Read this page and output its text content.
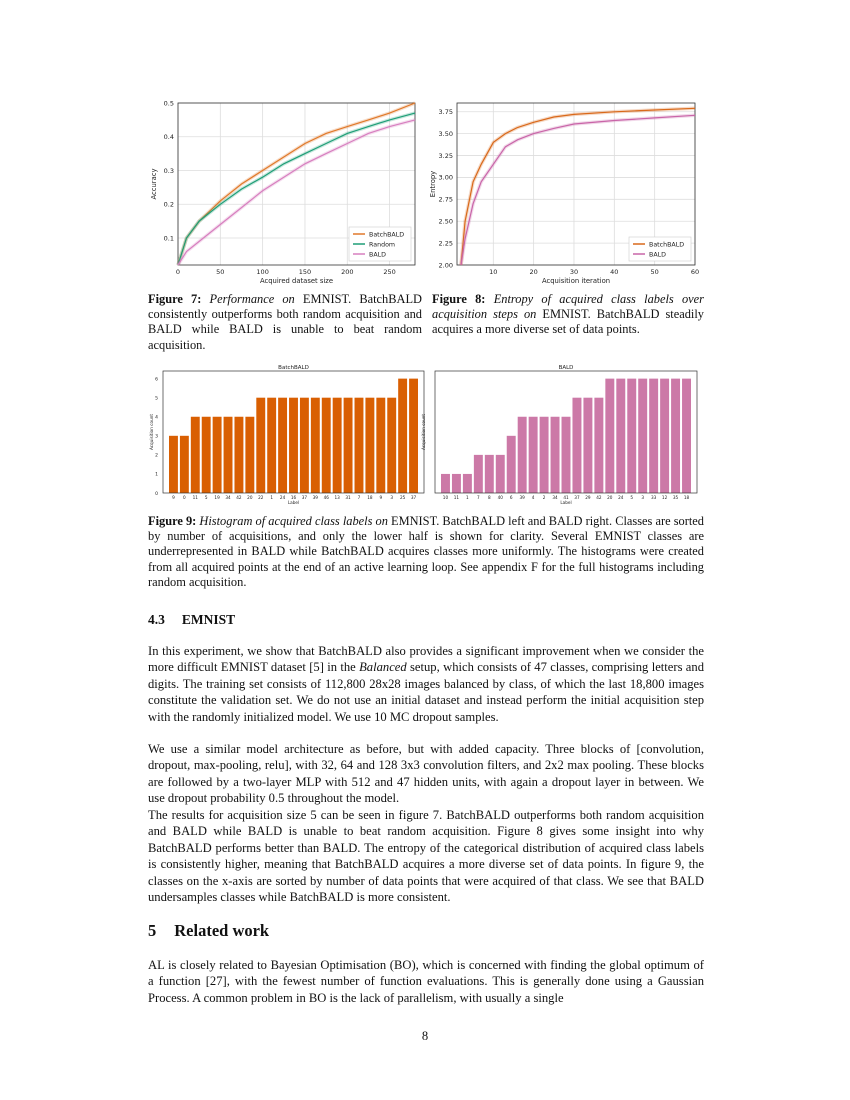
0	50	100	150	200	250
0.1
0.2
0.3
0.4
0.5
Acquired dataset size
Accuracy
BatchBALD
Random
BALD
10	20	30	40	50	60
2.00
2.25
2.50
2.75
3.00
3.25
3.50
3.75
Acquisition iteration
Entropy
BatchBALD
BALD
BatchBALD
0
1
2
3
4
5
6
9 0 11 5 19 34 42 20 22 1 24 16 37 39 46 13 31 7 18 9 3 25 37
Label
Acquisition count
BALD
10 11 1 7 8 40 6 39 4 2 34 41 37 29 42 20 24 5 3 33 12 35 18
Label
Acquisition count
Figure 7: Performance on EMNIST. BatchBALD consistently outperforms both random acquisition and BALD while BALD is unable to beat random acquisition.
Figure 8: Entropy of acquired class labels over acquisition steps on EMNIST. BatchBALD steadily acquires a more diverse set of data points.
Figure 9: Histogram of acquired class labels on EMNIST. BatchBALD left and BALD right. Classes are sorted by number of acquisitions, and only the lower half is shown for clarity. Several EMNIST classes are underrepresented in BALD while BatchBALD acquires classes more uniformly. The histograms were created from all acquired points at the end of an active learning loop. See appendix F for the full histograms including random acquisition.
4.3 EMNIST

In this experiment, we show that BatchBALD also provides a significant improvement when we consider the more difficult EMNIST dataset [5] in the Balanced setup, which consists of 47 classes, comprising letters and digits. The training set consists of 112,800 28x28 images balanced by class, of which the last 18,800 images constitute the validation set. We do not use an initial dataset and instead perform the initial acquisition step with the randomly initialized model. We use 10 MC dropout samples.

We use a similar model architecture as before, but with added capacity. Three blocks of [convolution, dropout, max-pooling, relu], with 32, 64 and 128 3x3 convolution filters, and 2x2 max pooling. These blocks are followed by a two-layer MLP with 512 and 47 hidden units, with again a dropout layer in between. We use dropout probability 0.5 throughout the model.

The results for acquisition size 5 can be seen in figure 7. BatchBALD outperforms both random acquisition and BALD while BALD is unable to beat random acquisition. Figure 8 gives some insight into why BatchBALD performs better than BALD. The entropy of the categorical distribution of acquired class labels is consistently higher, meaning that BatchBALD acquires a more diverse set of data points. In figure 9, the classes on the x-axis are sorted by number of data points that were acquired of that class. We see that BALD undersamples classes while BatchBALD is more consistent.

5 Related work

AL is closely related to Bayesian Optimisation (BO), which is concerned with finding the global optimum of a function [27], with the fewest number of function evaluations. This is generally done using a Gaussian Process. A common problem in BO is the lack of parallelism, with usually a single

8
